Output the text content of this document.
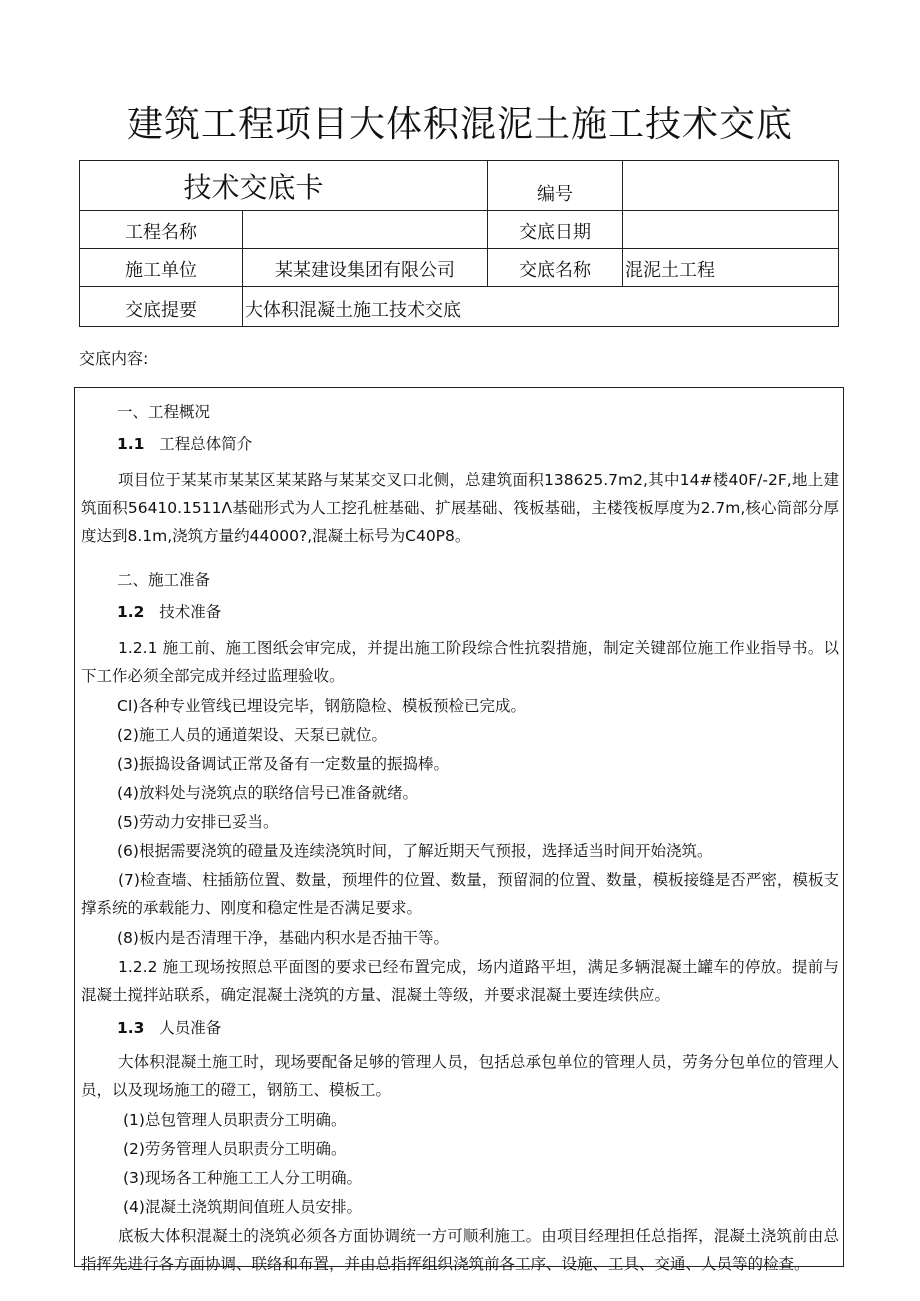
建筑工程项目大体积混泥土施工技术交底
技术交底卡		编号	
工程名称		交底日期	
施工单位	某某建设集团有限公司	交底名称	混泥土工程
交底提要	大体积混凝土施工技术交底		
交底内容:
一、工程概况
1.1 工程总体简介
项目位于某某市某某区某某路与某某交叉口北侧，总建筑面积138625.7m2,其中14#楼40F/-2F,地上建筑面积56410.1511Λ基础形式为人工挖孔桩基础、扩展基础、筏板基础，主楼筏板厚度为2.7m,核心筒部分厚度达到8.1m,浇筑方量约44000?,混凝土标号为C40P8。
二、施工准备
1.2 技术准备
1.2.1 施工前、施工图纸会审完成，并提出施工阶段综合性抗裂措施，制定关键部位施工作业指导书。以下工作必须全部完成并经过监理验收。
CI)各种专业管线已埋设完毕，钢筋隐检、模板预检已完成。
(2)施工人员的通道架设、天泵已就位。
(3)振捣设备调试正常及备有一定数量的振捣棒。
(4)放料处与浇筑点的联络信号已准备就绪。
(5)劳动力安排已妥当。
(6)根据需要浇筑的磴量及连续浇筑时间，了解近期天气预报，选择适当时间开始浇筑。
(7)检查墙、柱插筋位置、数量，预埋件的位置、数量，预留洞的位置、数量，模板接缝是否严密，模板支撑系统的承载能力、刚度和稳定性是否满足要求。
(8)板内是否清理干净，基础内积水是否抽干等。
1.2.2 施工现场按照总平面图的要求已经布置完成，场内道路平坦，满足多辆混凝土罐车的停放。提前与混凝土搅拌站联系，确定混凝土浇筑的方量、混凝土等级，并要求混凝土要连续供应。
1.3 人员准备
大体积混凝土施工时，现场要配备足够的管理人员，包括总承包单位的管理人员，劳务分包单位的管理人员，以及现场施工的磴工，钢筋工、模板工。
(1)总包管理人员职责分工明确。
(2)劳务管理人员职责分工明确。
(3)现场各工种施工工人分工明确。
(4)混凝土浇筑期间值班人员安排。
底板大体积混凝土的浇筑必须各方面协调统一方可顺利施工。由项目经理担任总指挥，混凝土浇筑前由总指挥先进行各方面协调、联络和布置，并由总指挥组织浇筑前各工序、设施、工具、交通、人员等的检查。
